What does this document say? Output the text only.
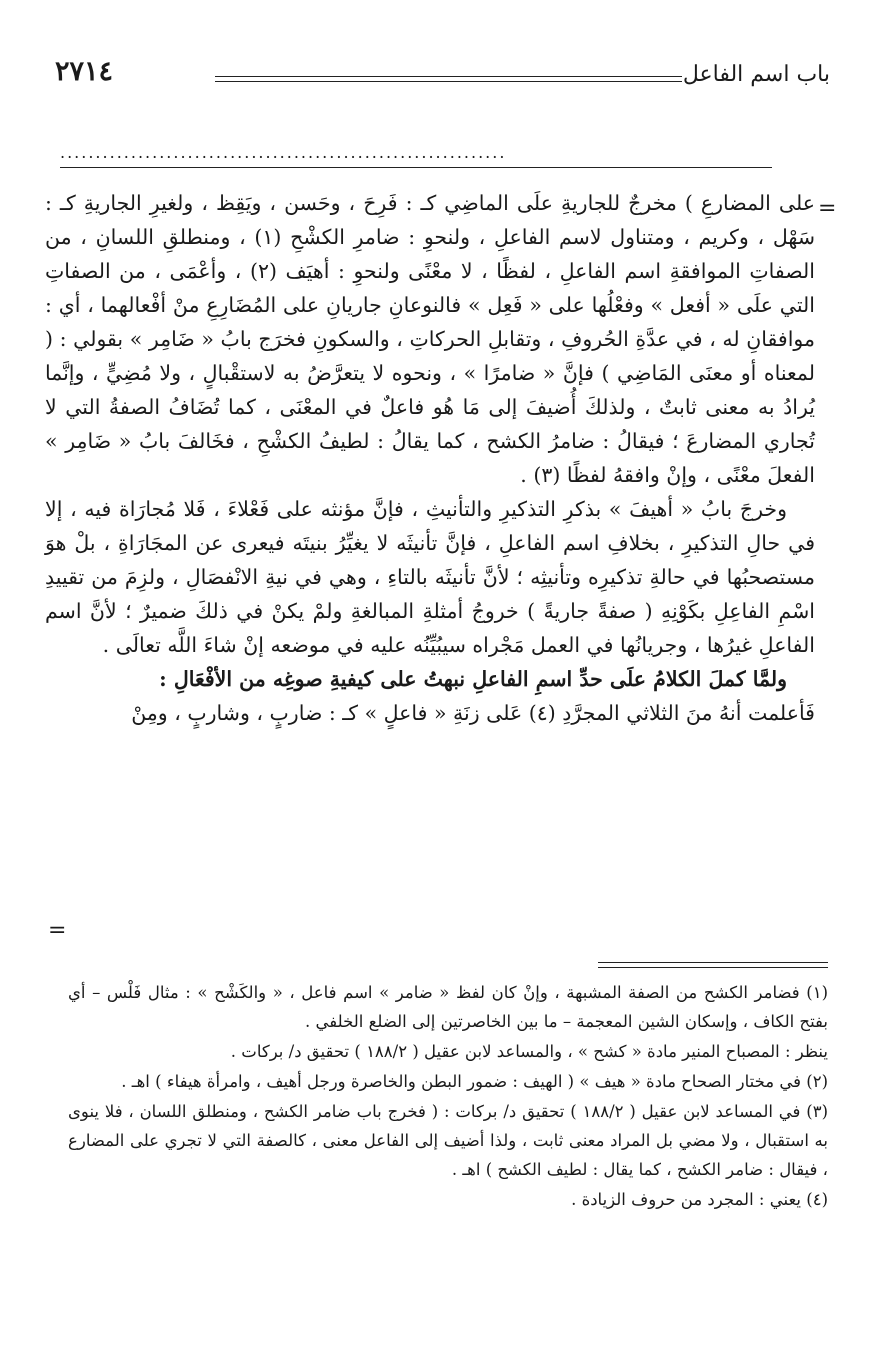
٢٧١٤	باب اسم الفاعل
...............................................................
=

على المضارعِ ) مخرجٌ للجاريةِ علَى الماضِي كـ : فَرِحَ ، وحَسن ، ويَقِظ ، ولغيرِ الجاريةِ كـ : سَهْل ، وكريم ، ومتناول لاسم الفاعلِ ، ولنحوِ : ضامرِ الكشْحِ (١) ، ومنطلقِ اللسانِ ، من الصفاتِ الموافقةِ اسم الفاعلِ ، لفظًا ، لا معْنًى ولنحوِ : أهيَف (٢) ، وأعْمَى ، من الصفاتِ التي علَى « أفعل » وفعْلُها على « فَعِل » فالنوعانِ جاريانِ على المُضَارِعِ منْ أفْعالهما ، أي : موافقانِ له ، في عدَّةِ الحُروفِ ، وتقابلِ الحركاتِ ، والسكونِ فخرَج بابُ « ضَامِر » بقولي : ( لمعناه أو معنَى المَاضِي ) فإنَّ « ضامرًا » ، ونحوه لا يتعرَّضُ به لاستقْبالٍ ، ولا مُضِيٍّ ، وإنَّما يُرادُ به معنى ثابتٌ ، ولذلكَ أُضيفَ إلى مَا هُو فاعلٌ في المعْنَى ، كما تُضَافُ الصفةُ التي لا تُجاري المضارعَ ؛ فيقالُ : ضامرُ الكشح ، كما يقالُ : لطيفُ الكشْحِ ، فخَالفَ بابُ « ضَامِر » الفعلَ معْنًى ، وإنْ وافقهُ لفظًا (٣) .

وخرجَ بابُ « أهيفَ » بذكرِ التذكيرِ والتأنيثِ ، فإنَّ مؤنثه على فَعْلاءَ ، فَلا مُجارَاة فيه ، إلا في حالِ التذكيرِ ، بخلافِ اسم الفاعلِ ، فإنَّ تأنيثَه لا يغيِّرُ بنيتَه فيعرى عن المجَارَاةِ ، بلْ هوَ مستصحبُها في حالةِ تذكيرِه وتأنيثِه ؛ لأنَّ تأنيثَه بالتاءِ ، وهي في نيةِ الانْفصَالِ ، ولزِمَ من تقييدِ اسْمِ الفاعِلِ بكَوْنِهِ ( صفةً جاريةً ) خروجُ أمثلةِ المبالغةِ ولمْ يكنْ في ذلكَ ضميرٌ ؛ لأنَّ اسم الفاعلِ غيرُها ، وجريانُها في العمل مَجْراه سيبُيِّنُه عليه في موضعه إنْ شاءَ اللَّه تعالَى .

ولمَّا كملَ الكلامُ علَى حدِّ اسمِ الفاعلِ نبهتُ على كيفيةِ صوغِه من الأفْعَالِ :

فَأعلمت أنهُ منَ الثلاثي المجرَّدِ (٤) عَلى زنَةِ « فاعلٍ » كـ : ضاربٍ ، وشاربٍ ، ومِنْ

=

(١) فضامر الكشح من الصفة المشبهة ، وإنْ كان لفظ « ضامر » اسم فاعل ، « والكَشْح » : مثال فَلْس – أي بفتح الكاف ، وإسكان الشين المعجمة – ما بين الخاصرتين إلى الضلع الخلفي .

ينظر : المصباح المنير مادة « كشح » ، والمساعد لابن عقيل ( ١٨٨/٢ ) تحقيق د/ بركات .

(٢) في مختار الصحاح مادة « هيف » ( الهيف : ضمور البطن والخاصرة ورجل أهيف ، وامرأة هيفاء ) اهـ .

(٣) في المساعد لابن عقيل ( ١٨٨/٢ ) تحقيق د/ بركات : ( فخرج باب ضامر الكشح ، ومنطلق اللسان ، فلا ينوى به استقبال ، ولا مضي بل المراد معنى ثابت ، ولذا أضيف إلى الفاعل معنى ، كالصفة التي لا تجري على المضارع ، فيقال : ضامر الكشح ، كما يقال : لطيف الكشح ) اهـ .

(٤) يعني : المجرد من حروف الزيادة .
